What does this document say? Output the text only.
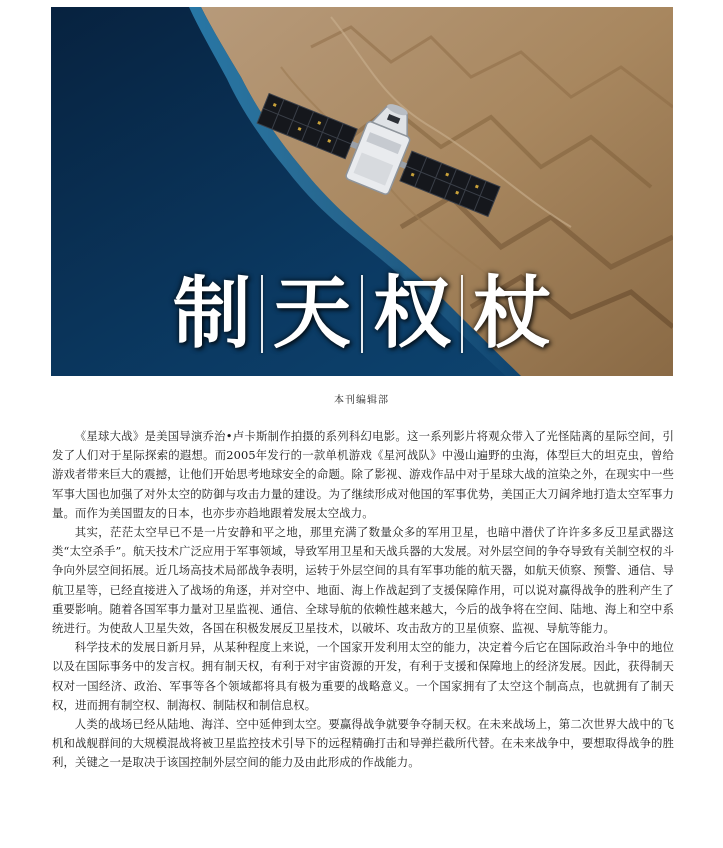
制 天 权 杖
本刊编辑部

《星球大战》是美国导演乔治•卢卡斯制作拍摄的系列科幻电影。这一系列影片将观众带入了光怪陆离的星际空间，引发了人们对于星际探索的遐想。而2005年发行的一款单机游戏《星河战队》中漫山遍野的虫海，体型巨大的坦克虫，曾给游戏者带来巨大的震撼，让他们开始思考地球安全的命题。除了影视、游戏作品中对于星球大战的渲染之外，在现实中一些军事大国也加强了对外太空的防御与攻击力量的建设。为了继续形成对他国的军事优势，美国正大刀阔斧地打造太空军事力量。而作为美国盟友的日本，也亦步亦趋地跟着发展太空战力。

其实，茫茫太空早已不是一片安静和平之地，那里充满了数量众多的军用卫星，也暗中潜伏了许许多多反卫星武器这类“太空杀手”。航天技术广泛应用于军事领域，导致军用卫星和天战兵器的大发展。对外层空间的争夺导致有关制空权的斗争向外层空间拓展。近几场高技术局部战争表明，运转于外层空间的具有军事功能的航天器，如航天侦察、预警、通信、导航卫星等，已经直接进入了战场的角逐，并对空中、地面、海上作战起到了支援保障作用，可以说对赢得战争的胜利产生了重要影响。随着各国军事力量对卫星监视、通信、全球导航的依赖性越来越大，今后的战争将在空间、陆地、海上和空中系统进行。为使敌人卫星失效，各国在积极发展反卫星技术，以破坏、攻击敌方的卫星侦察、监视、导航等能力。

科学技术的发展日新月异，从某种程度上来说，一个国家开发利用太空的能力，决定着今后它在国际政治斗争中的地位以及在国际事务中的发言权。拥有制天权，有利于对宇宙资源的开发，有利于支援和保障地上的经济发展。因此，获得制天权对一国经济、政治、军事等各个领域都将具有极为重要的战略意义。一个国家拥有了太空这个制高点，也就拥有了制天权，进而拥有制空权、制海权、制陆权和制信息权。

人类的战场已经从陆地、海洋、空中延伸到太空。要赢得战争就要争夺制天权。在未来战场上，第二次世界大战中的飞机和战舰群间的大规模混战将被卫星监控技术引导下的远程精确打击和导弹拦截所代替。在未来战争中，要想取得战争的胜利，关键之一是取决于该国控制外层空间的能力及由此形成的作战能力。
